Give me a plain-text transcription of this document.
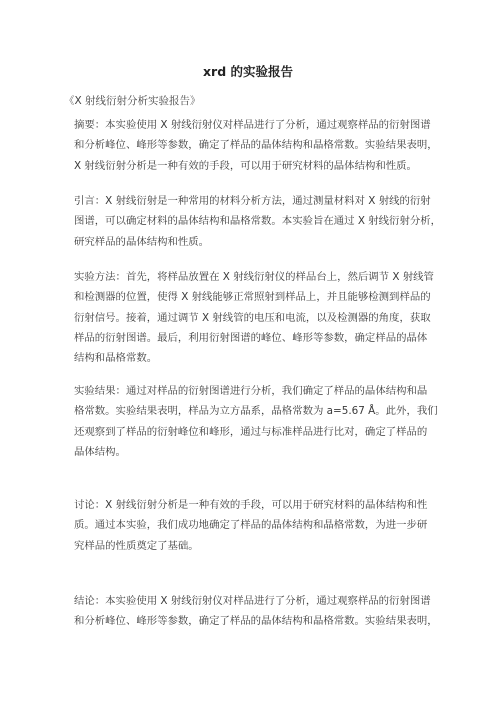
xrd 的实验报告

《X 射线衍射分析实验报告》

摘要：本实验使用 X 射线衍射仪对样品进行了分析，通过观察样品的衍射图谱
和分析峰位、峰形等参数，确定了样品的晶体结构和晶格常数。实验结果表明，
X 射线衍射分析是一种有效的手段，可以用于研究材料的晶体结构和性质。

引言：X 射线衍射是一种常用的材料分析方法，通过测量材料对 X 射线的衍射
图谱，可以确定材料的晶体结构和晶格常数。本实验旨在通过 X 射线衍射分析，
研究样品的晶体结构和性质。

实验方法：首先，将样品放置在 X 射线衍射仪的样品台上，然后调节 X 射线管
和检测器的位置，使得 X 射线能够正常照射到样品上，并且能够检测到样品的
衍射信号。接着，通过调节 X 射线管的电压和电流，以及检测器的角度，获取
样品的衍射图谱。最后，利用衍射图谱的峰位、峰形等参数，确定样品的晶体
结构和晶格常数。

实验结果：通过对样品的衍射图谱进行分析，我们确定了样品的晶体结构和晶
格常数。实验结果表明，样品为立方晶系，晶格常数为 a=5.67 Å。此外，我们
还观察到了样品的衍射峰位和峰形，通过与标准样品进行比对，确定了样品的
晶体结构。

讨论：X 射线衍射分析是一种有效的手段，可以用于研究材料的晶体结构和性
质。通过本实验，我们成功地确定了样品的晶体结构和晶格常数，为进一步研
究样品的性质奠定了基础。

结论：本实验使用 X 射线衍射仪对样品进行了分析，通过观察样品的衍射图谱
和分析峰位、峰形等参数，确定了样品的晶体结构和晶格常数。实验结果表明，
